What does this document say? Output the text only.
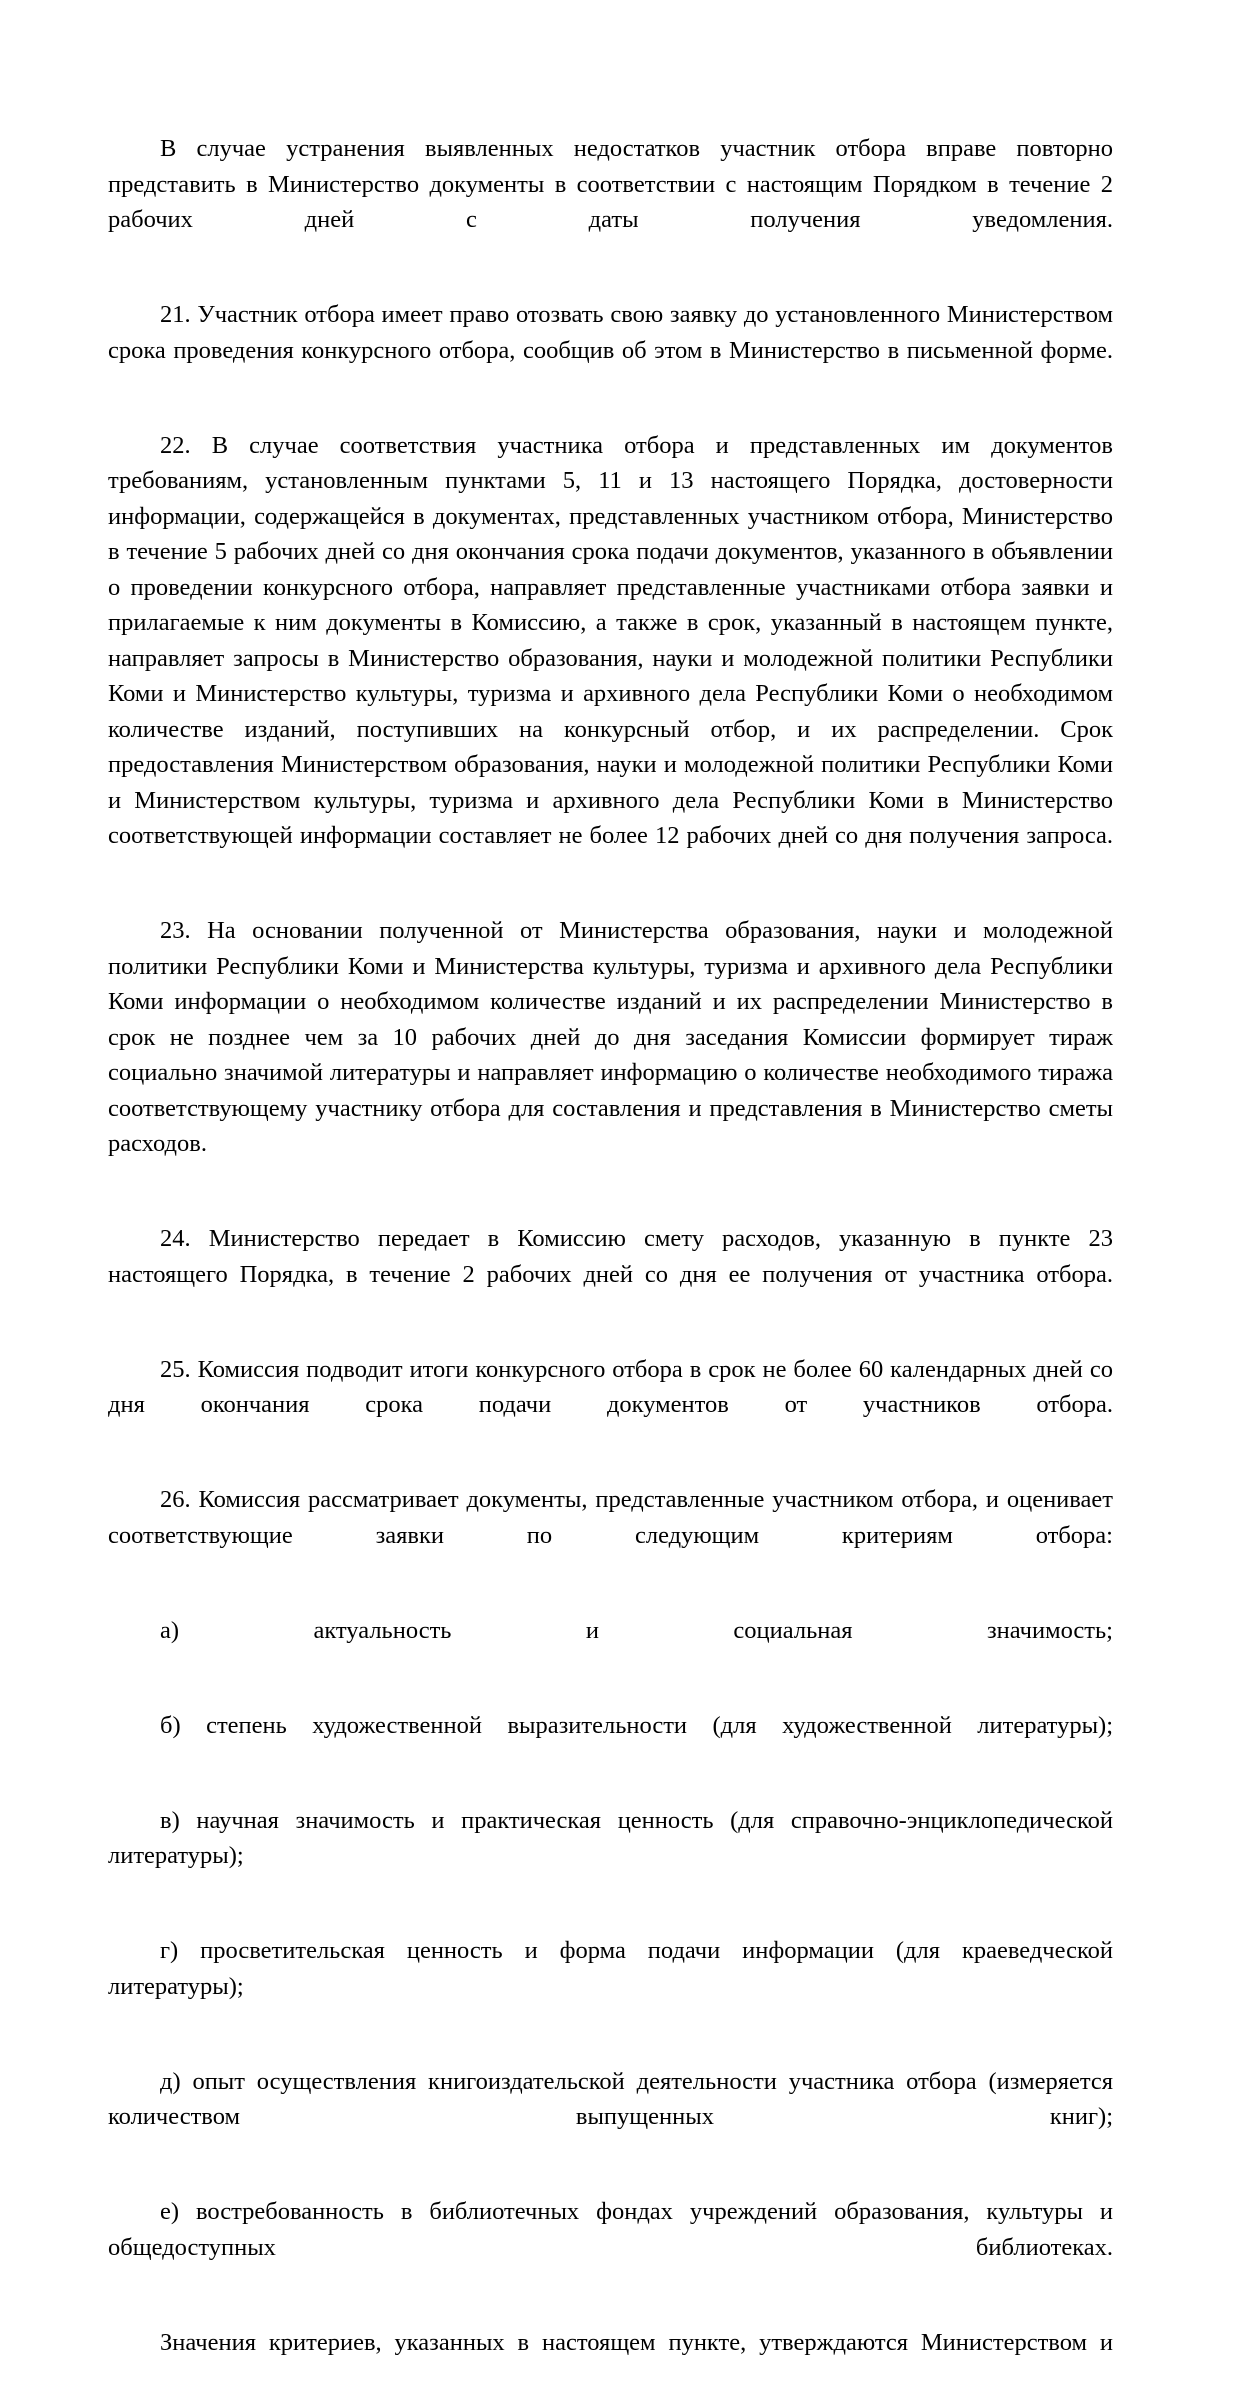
В случае устранения выявленных недостатков участник отбора вправе повторно представить в Министерство документы в соответствии с настоящим Порядком в течение 2 рабочих дней с даты получения уведомления.

21. Участник отбора имеет право отозвать свою заявку до установленного Министерством срока проведения конкурсного отбора, сообщив об этом в Министерство в письменной форме.

22. В случае соответствия участника отбора и представленных им документов требованиям, установленным пунктами 5, 11 и 13 настоящего Порядка, достоверности информации, содержащейся в документах, представленных участником отбора, Министерство в течение 5 рабочих дней со дня окончания срока подачи документов, указанного в объявлении о проведении конкурсного отбора, направляет представленные участниками отбора заявки и прилагаемые к ним документы в Комиссию, а также в срок, указанный в настоящем пункте, направляет запросы в Министерство образования, науки и молодежной политики Республики Коми и Министерство культуры, туризма и архивного дела Республики Коми о необходимом количестве изданий, поступивших на конкурсный отбор, и их распределении. Срок предоставления Министерством образования, науки и молодежной политики Республики Коми и Министерством культуры, туризма и архивного дела Республики Коми в Министерство соответствующей информации составляет не более 12 рабочих дней со дня получения запроса.

23. На основании полученной от Министерства образования, науки и молодежной политики Республики Коми и Министерства культуры, туризма и архивного дела Республики Коми информации о необходимом количестве изданий и их распределении Министерство в срок не позднее чем за 10 рабочих дней до дня заседания Комиссии формирует тираж социально значимой литературы и направляет информацию о количестве необходимого тиража соответствующему участнику отбора для составления и представления в Министерство сметы расходов.

24. Министерство передает в Комиссию смету расходов, указанную в пункте 23 настоящего Порядка, в течение 2 рабочих дней со дня ее получения от участника отбора.

25. Комиссия подводит итоги конкурсного отбора в срок не более 60 календарных дней со дня окончания срока подачи документов от участников отбора.

26. Комиссия рассматривает документы, представленные участником отбора, и оценивает соответствующие заявки по следующим критериям отбора:

а) актуальность и социальная значимость;

б) степень художественной выразительности (для художественной литературы);

в) научная значимость и практическая ценность (для справочно-энциклопедической литературы);

г) просветительская ценность и форма подачи информации (для краеведческой литературы);

д) опыт осуществления книгоиздательской деятельности участника отбора (измеряется количеством выпущенных книг);

е) востребованность в библиотечных фондах учреждений образования, культуры и общедоступных библиотеках.

Значения критериев, указанных в настоящем пункте, утверждаются Министерством и
